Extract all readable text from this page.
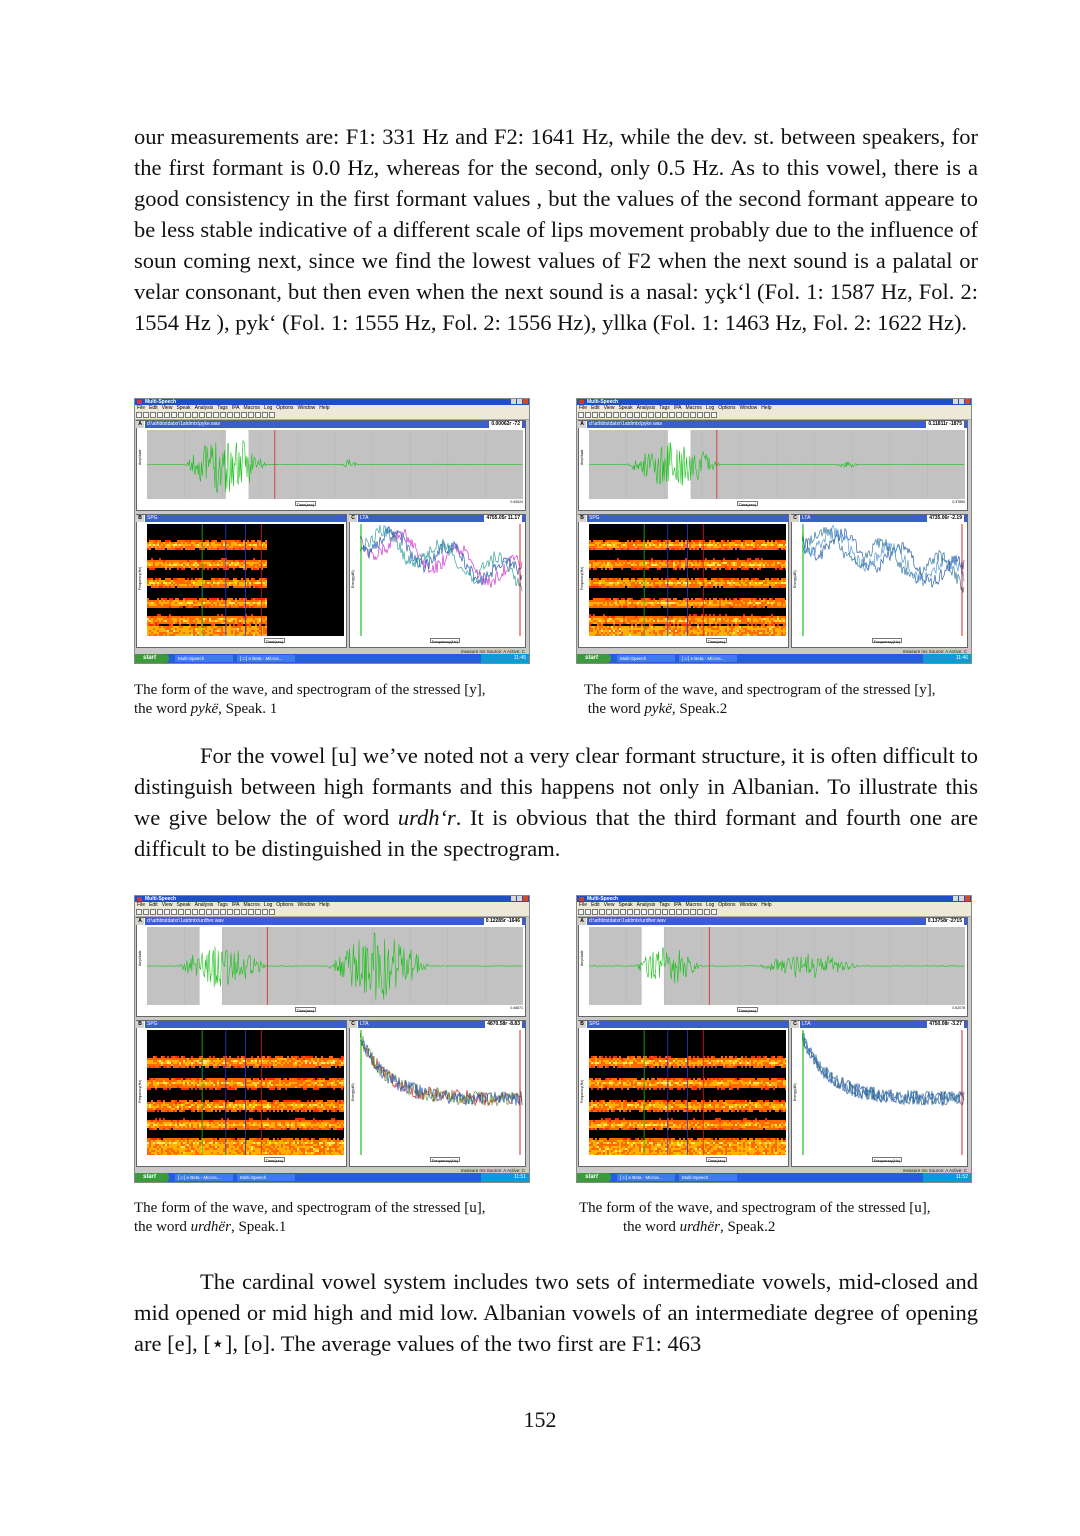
our measurements are: F1: 331 Hz and F2: 1641 Hz, while the dev. st. between speakers, for the first formant is 0.0 Hz, whereas for the second, only 0.5 Hz. As to this vowel, there is a good consistency in the first formant values , but the values of the second formant appeare to be less stable indicative of a different scale of lips movement probably due to the influence of soun coming next, since we find the lowest values of F2 when the next sound is a palatal or velar consonant, but then even when the next sound is a nasal: yçk‘l (Fol. 1: 1587 Hz, Fol. 2: 1554 Hz ), pyk‘ (Fol. 1: 1555 Hz, Fol. 2: 1556 Hz), yllka (Fol. 1: 1463 Hz, Fol. 2: 1622 Hz).

Multi-Speech
File Edit View Speak Analysis Tags IPA Macros Log Options Window Help
d:\athbtstdatxr\1atdmtx\pyke.wav	0.00062r -72
A
Amplitude
Time(sec)	0.40524
SPG
B
Frequency(Hz)
Time(sec)
LTA	4755.05r 11.17
C
Energy(dB)
Frequency(Hz)
measure ms Source: A Active: C
start	Multi-Speech	[ c:] e Beta - Micros...	11:45
Multi-Speech
File Edit View Speak Analysis Tags IPA Macros Log Options Window Help
d:\athbtstdatxr\1atdmtx\pyke.wav	0.11811r -1875
A
Amplitude
Time(sec)	0.37850
SPG
B
Frequency(Hz)
Time(sec)
LTA	4735.06r -2.19
C
Energy(dB)
Frequency(Hz)
measure ms Source: A Active: C
start	Multi-Speech	[ c:] e Beta - Micros...	11:46
The form of the wave, and spectrogram of the stressed [y],
the word pykë, Speak. 1
The form of the wave, and spectrogram of the stressed [y],
the word pykë, Speak.2

For the vowel [u] we’ve noted not a very clear formant structure, it is often difficult to distinguish between high formants and this happens not only in Albanian. To illustrate this we give below the of word urdh‘r. It is obvious that the third formant and fourth one are difficult to be distinguished in the spectrogram.

Multi-Speech
File Edit View Speak Analysis Tags IPA Macros Log Options Window Help
d:\athbtstdatxr\1atdmtx\urdher.wav	0.12285r -1646
A
Amplitude
Time(sec)	0.46871
SPG
B
Frequency(Hz)
Time(sec)
LTA	4870.58r -8.83
C
Energy(dB)
Frequency(Hz)
measure ms Source: A Active: C
start	[ c:] e Beta - Micros...	Multi-Speech	11:51
Multi-Speech
File Edit View Speak Analysis Tags IPA Macros Log Options Window Help
d:\athbtstdatxr\1atdmtx\urdher.wav	0.13758r -2715
A
Amplitude
Time(sec)	0.52078
SPG
B
Frequency(Hz)
Time(sec)
LTA	4750.08r -3.27
C
Energy(dB)
Frequency(Hz)
measure ms Source: A Active: C
start	[ c:] e Beta - Micros...	Multi-Speech	11:52
The form of the wave, and spectrogram of the stressed [u],
the word urdhër, Speak.1
The form of the wave, and spectrogram of the stressed [u],
the word urdhër, Speak.2

The cardinal vowel system includes two sets of intermediate vowels, mid-closed and mid opened or mid high and mid low. Albanian vowels of an intermediate degree of opening are [e], [⋆], [o]. The average values of the two first are F1: 463

152
